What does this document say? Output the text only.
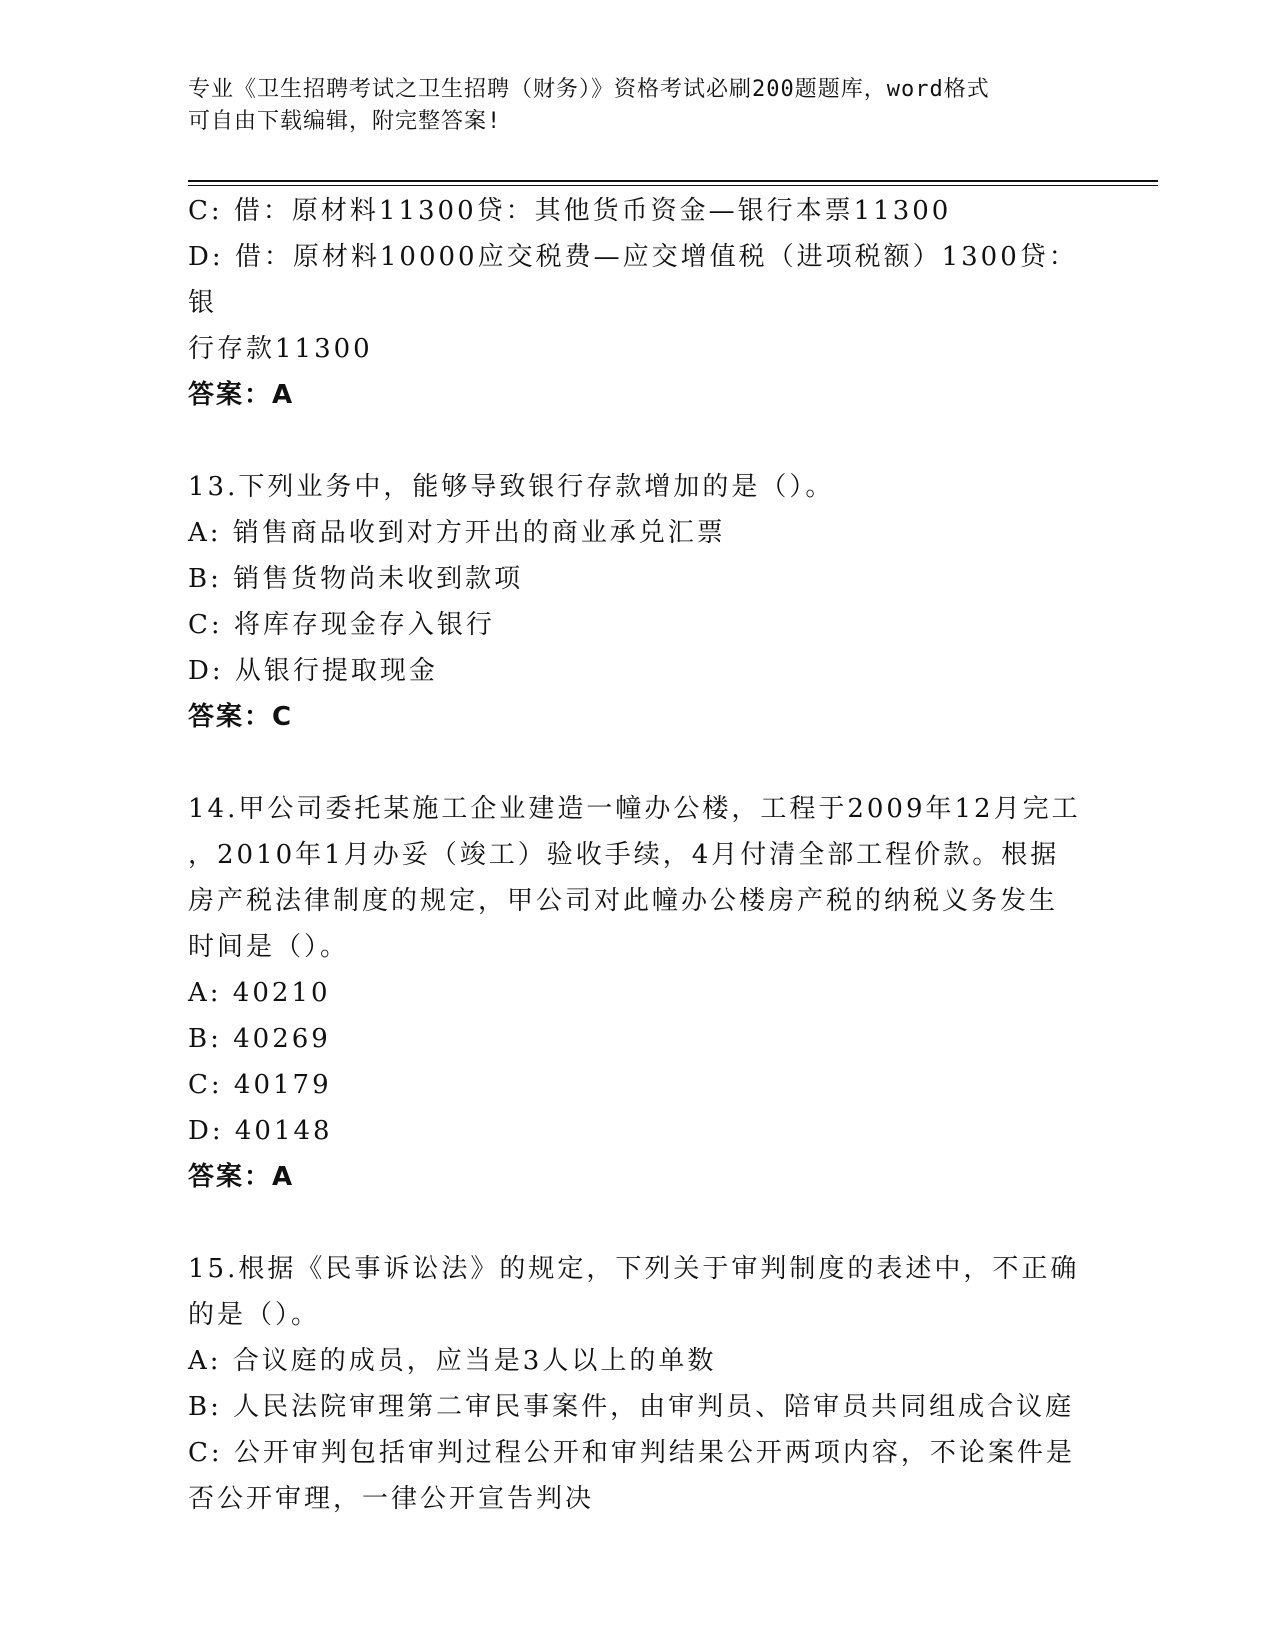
专业《卫生招聘考试之卫生招聘（财务）》资格考试必刷200题题库，word格式
可自由下载编辑，附完整答案!
C: 借：原材料11300贷：其他货币资金—银行本票11300
D: 借：原材料10000应交税费—应交增值税（进项税额）1300贷：银
行存款11300
答案：A
13.下列业务中，能够导致银行存款增加的是（）。
A: 销售商品收到对方开出的商业承兑汇票
B: 销售货物尚未收到款项
C: 将库存现金存入银行
D: 从银行提取现金
答案：C
14.甲公司委托某施工企业建造一幢办公楼，工程于2009年12月完工
，2010年1月办妥（竣工）验收手续，4月付清全部工程价款。根据
房产税法律制度的规定，甲公司对此幢办公楼房产税的纳税义务发生
时间是（）。
A: 40210
B: 40269
C: 40179
D: 40148
答案：A
15.根据《民事诉讼法》的规定，下列关于审判制度的表述中，不正确
的是（）。
A: 合议庭的成员，应当是3人以上的单数
B: 人民法院审理第二审民事案件，由审判员、陪审员共同组成合议庭
C: 公开审判包括审判过程公开和审判结果公开两项内容，不论案件是
否公开审理，一律公开宣告判决
